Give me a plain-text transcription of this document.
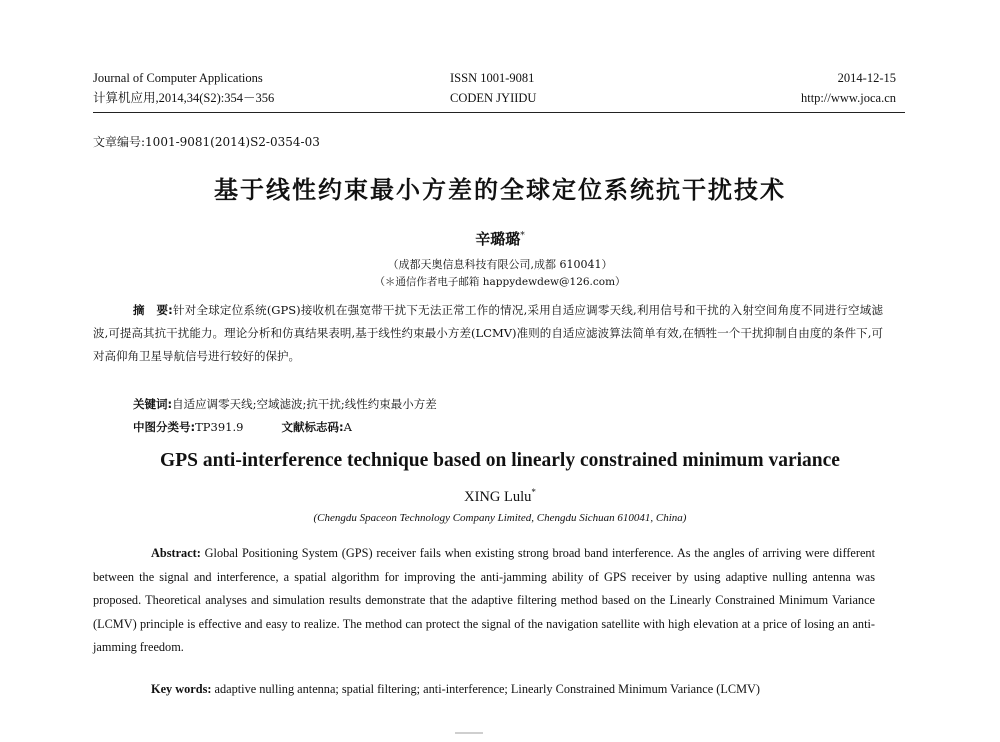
Journal of Computer Applications
计算机应用,2014,34(S2):354－356
ISSN 1001-9081
CODEN JYIIDU
2014-12-15
http://www.joca.cn
文章编号:1001-9081(2014)S2-0354-03
基于线性约束最小方差的全球定位系统抗干扰技术
辛璐璐*
（成都天奥信息科技有限公司,成都 610041）
（＊通信作者电子邮箱 happydewdew@126.com）
摘　要:针对全球定位系统(GPS)接收机在强宽带干扰下无法正常工作的情况,采用自适应调零天线,利用信号和干扰的入射空间角度不同进行空域滤波,可提高其抗干扰能力。理论分析和仿真结果表明,基于线性约束最小方差(LCMV)准则的自适应滤波算法简单有效,在牺牲一个干扰抑制自由度的条件下,可对高仰角卫星导航信号进行较好的保护。
关键词:自适应调零天线;空域滤波;抗干扰;线性约束最小方差
中图分类号:TP391.9	文献标志码:A
GPS anti-interference technique based on linearly constrained minimum variance
XING Lulu*
(Chengdu Spaceon Technology Company Limited, Chengdu Sichuan 610041, China)
Abstract: Global Positioning System (GPS) receiver fails when existing strong broad band interference. As the angles of arriving were different between the signal and interference, a spatial algorithm for improving the anti-jamming ability of GPS receiver by using adaptive nulling antenna was proposed. Theoretical analyses and simulation results demonstrate that the adaptive filtering method based on the Linearly Constrained Minimum Variance (LCMV) principle is effective and easy to realize. The method can protect the signal of the navigation satellite with high elevation at a price of losing an anti-jamming freedom.
Key words: adaptive nulling antenna; spatial filtering; anti-interference; Linearly Constrained Minimum Variance (LCMV)
